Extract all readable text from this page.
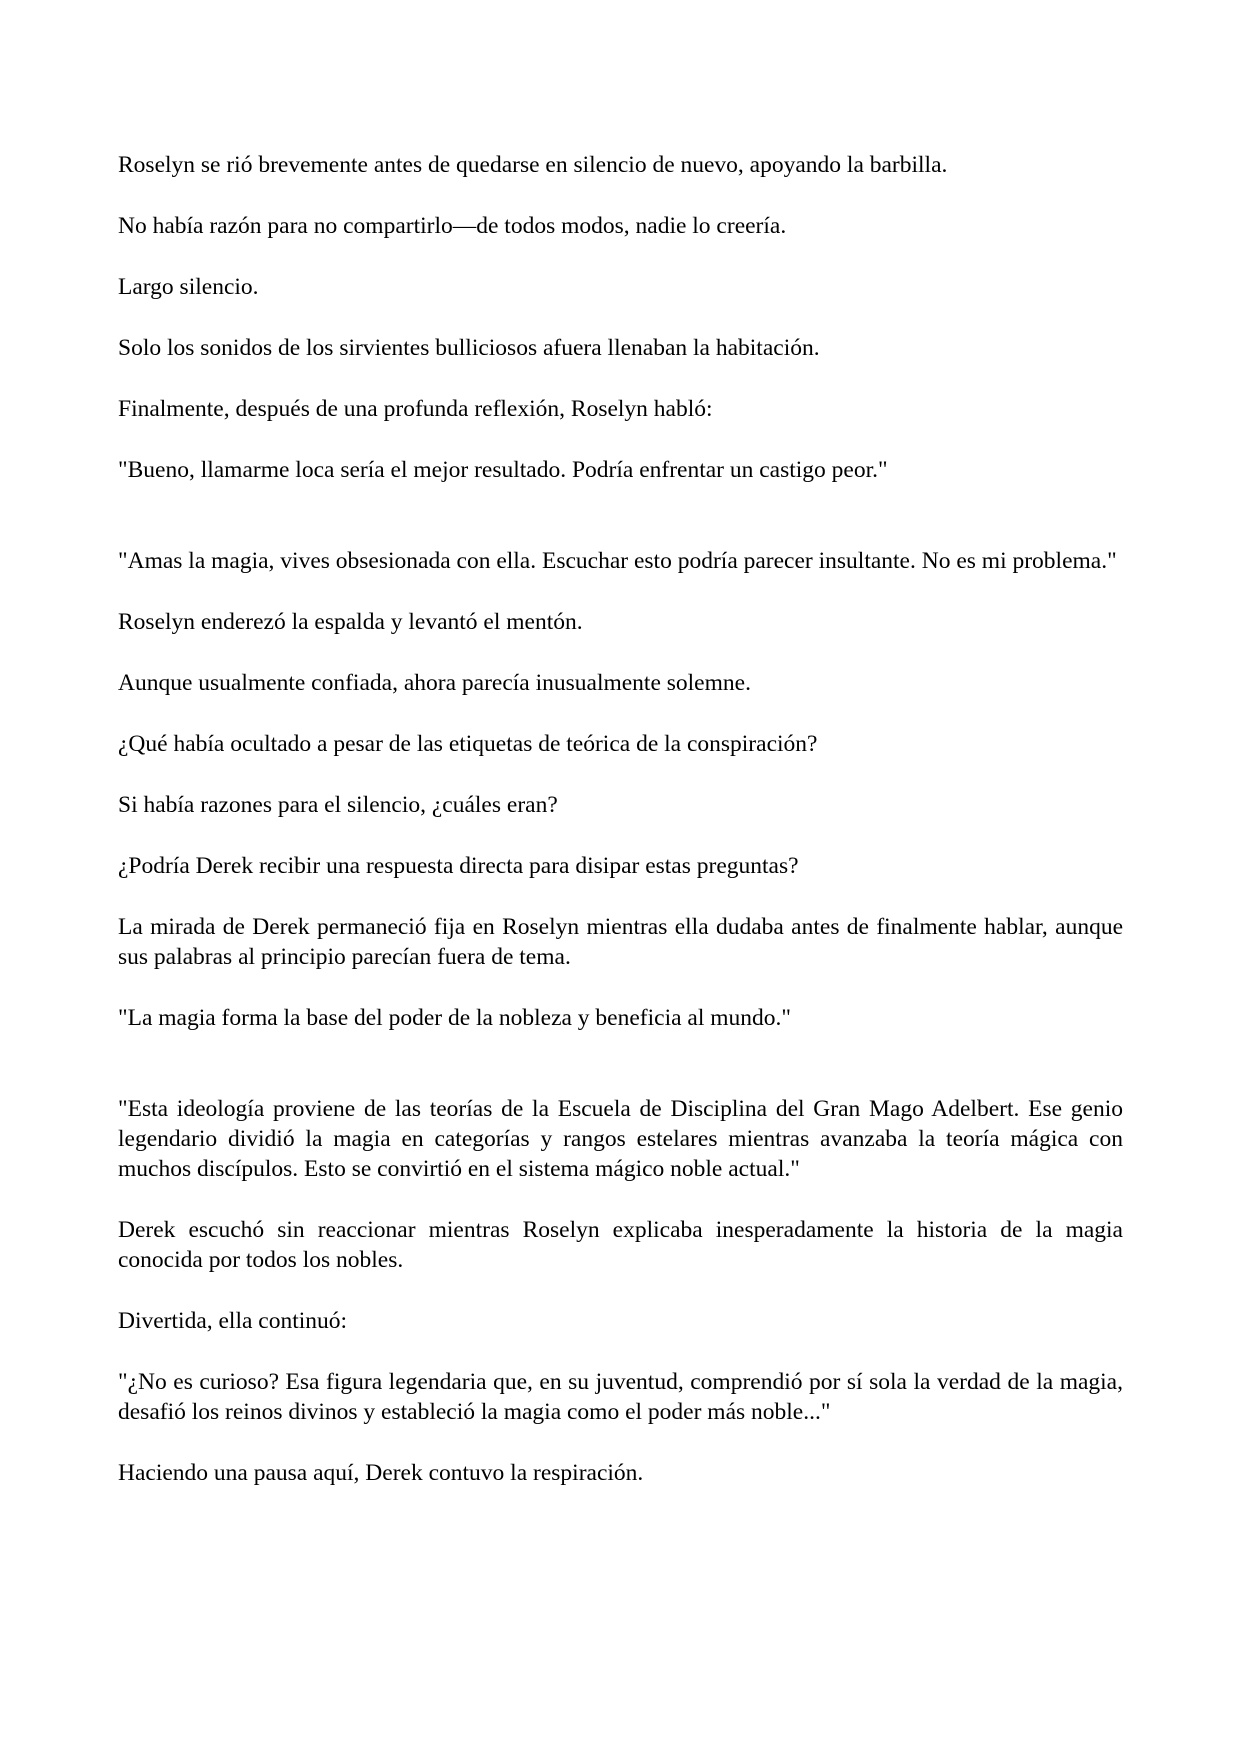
Roselyn se rió brevemente antes de quedarse en silencio de nuevo, apoyando la barbilla.

No había razón para no compartirlo—de todos modos, nadie lo creería.

Largo silencio.

Solo los sonidos de los sirvientes bulliciosos afuera llenaban la habitación.

Finalmente, después de una profunda reflexión, Roselyn habló:

"Bueno, llamarme loca sería el mejor resultado. Podría enfrentar un castigo peor."

"Amas la magia, vives obsesionada con ella. Escuchar esto podría parecer insultante. No es mi problema."

Roselyn enderezó la espalda y levantó el mentón.

Aunque usualmente confiada, ahora parecía inusualmente solemne.

¿Qué había ocultado a pesar de las etiquetas de teórica de la conspiración?

Si había razones para el silencio, ¿cuáles eran?

¿Podría Derek recibir una respuesta directa para disipar estas preguntas?

La mirada de Derek permaneció fija en Roselyn mientras ella dudaba antes de finalmente hablar, aunque sus palabras al principio parecían fuera de tema.

"La magia forma la base del poder de la nobleza y beneficia al mundo."

"Esta ideología proviene de las teorías de la Escuela de Disciplina del Gran Mago Adelbert. Ese genio legendario dividió la magia en categorías y rangos estelares mientras avanzaba la teoría mágica con muchos discípulos. Esto se convirtió en el sistema mágico noble actual."

Derek escuchó sin reaccionar mientras Roselyn explicaba inesperadamente la historia de la magia conocida por todos los nobles.

Divertida, ella continuó:

"¿No es curioso? Esa figura legendaria que, en su juventud, comprendió por sí sola la verdad de la magia, desafió los reinos divinos y estableció la magia como el poder más noble..."

Haciendo una pausa aquí, Derek contuvo la respiración.
